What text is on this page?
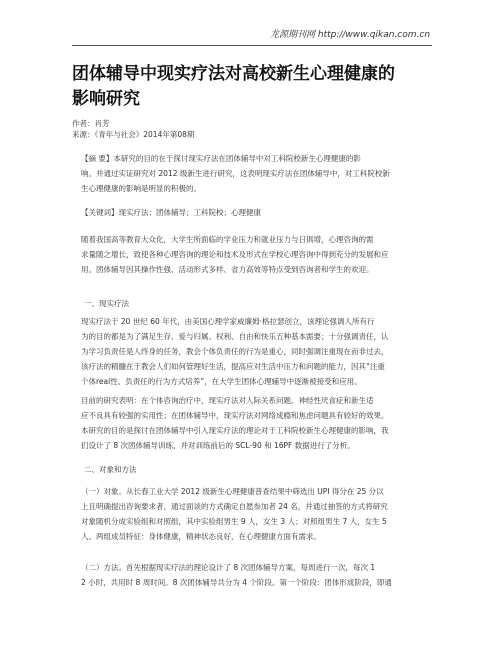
龙源期刊网 http://www.qikan.com.cn
团体辅导中现实疗法对高校新生心理健康的
影响研究
作者：肖芳
来源：《青年与社会》2014年第08期

【摘 要】本研究的目的在于探讨现实疗法在团体辅导中对工科院校新生心理健康的影
响。并通过实证研究对 2012 级新生进行研究，这表明现实疗法在团体辅导中，对工科院校新
生心理健康的影响是明显的积极的。

【关键词】现实疗法；团体辅导；工科院校；心理健康

随着我国高等教育大众化，大学生所面临的学业压力和就业压力与日俱增，心理咨询的需
求量随之增长，致使各种心理咨询的理论和技术及形式在学校心理咨询中得到充分的发展和应
用。团体辅导因其操作性强、活动形式多样、省力高效等特点受到咨询者和学生的欢迎。

一、现实疗法

现实疗法于 20 世纪 60 年代，由美国心理学家威廉姆·格拉瑟创立，该理论强调人所有行
为的目的都是为了满足生存、爱与归属、权利、自由和快乐五种基本需要；十分强调责任，认
为学习负责任是人终身的任务，教会个体负责任的行为是重心，同时强调注重现在而非过去，
该疗法的精髓在于教会人们如何管理好生活，提高应对生活中压力和问题的能力，因其“注重
个体real性、负责任的行为方式培养”，在大学生团体心理辅导中逐渐被接受和应用。

目前的研究表明：在个体咨询治疗中，现实疗法对人际关系问题、神经性厌食症和新生适
应不良具有较强的实用性；在团体辅导中，现实疗法对网络成瘾和焦虑问题具有较好的效果。
本研究的目的是探讨在团体辅导中引入现实疗法的理论对于工科院校新生心理健康的影响，我
们设计了 8 次团体辅导训练，并对训练前后的 SCL-90 和 16PF 数据进行了分析。

二、对象和方法

（一）对象。从长春工业大学 2012 级新生心理健康普查结果中筛选出 UPI 得分在 25 分以
上且明确提出咨询要求者，通过面谈的方式确定自愿参加者 24 名，并通过抽签的方式将研究
对象随机分成实验组和对照组，其中实验组男生 9 人，女生 3 人；对照组男生 7 人，女生 5
人。两组成员特征：身体健康，精神状态良好，在心理健康方面有需求。

（二）方法。首先根据现实疗法的理论设计了 8 次团体辅导方案，每周进行一次，每次 1
2 小时，共用时 8 周时间。8 次团体辅导共分为 4 个阶段。第一个阶段：团体形成阶段，即通
